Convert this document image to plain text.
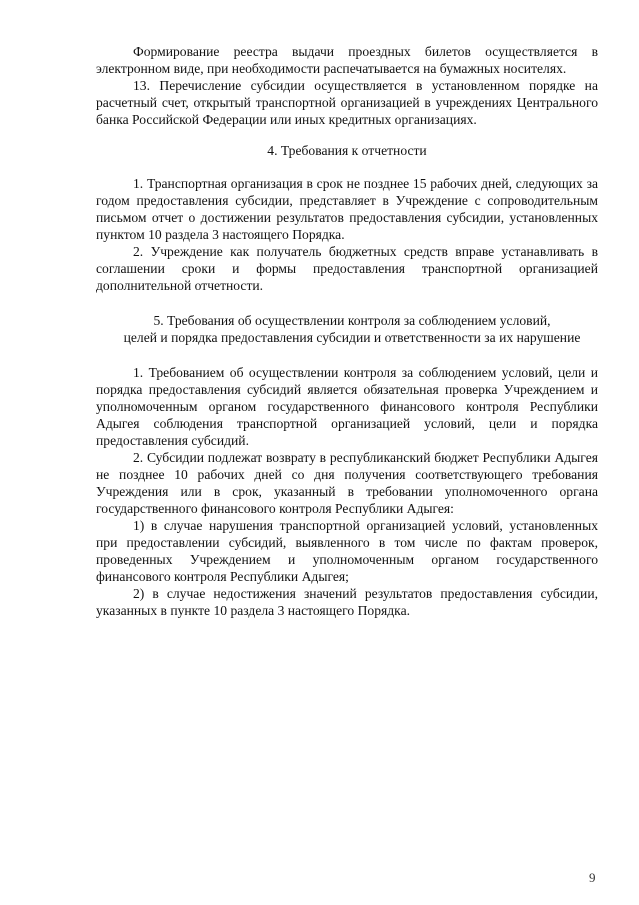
Формирование реестра выдачи проездных билетов осуществляется в электронном виде, при необходимости распечатывается на бумажных носителях.

13. Перечисление субсидии осуществляется в установленном порядке на расчетный счет, открытый транспортной организацией в учреждениях Центрального банка Российской Федерации или иных кредитных организациях.

4. Требования к отчетности

1. Транспортная организация в срок не позднее 15 рабочих дней, следующих за годом предоставления субсидии, представляет в Учреждение с сопроводительным письмом отчет о достижении результатов предоставления субсидии, установленных пунктом 10 раздела 3 настоящего Порядка.

2. Учреждение как получатель бюджетных средств вправе устанавливать в соглашении сроки и формы предоставления транспортной организацией дополнительной отчетности.

5. Требования об осуществлении контроля за соблюдением условий,
целей и порядка предоставления субсидии и ответственности за их нарушение

1. Требованием об осуществлении контроля за соблюдением условий, цели и порядка предоставления субсидий является обязательная проверка Учреждением и уполномоченным органом государственного финансового контроля Республики Адыгея соблюдения транспортной организацией условий, цели и порядка предоставления субсидий.

2. Субсидии подлежат возврату в республиканский бюджет Республики Адыгея не позднее 10 рабочих дней со дня получения соответствующего требования Учреждения или в срок, указанный в требовании уполномоченного органа государственного финансового контроля Республики Адыгея:

1) в случае нарушения транспортной организацией условий, установленных при предоставлении субсидий, выявленного в том числе по фактам проверок, проведенных Учреждением и уполномоченным органом государственного финансового контроля Республики Адыгея;

2) в случае недостижения значений результатов предоставления субсидии, указанных в пункте 10 раздела 3 настоящего Порядка.

9
